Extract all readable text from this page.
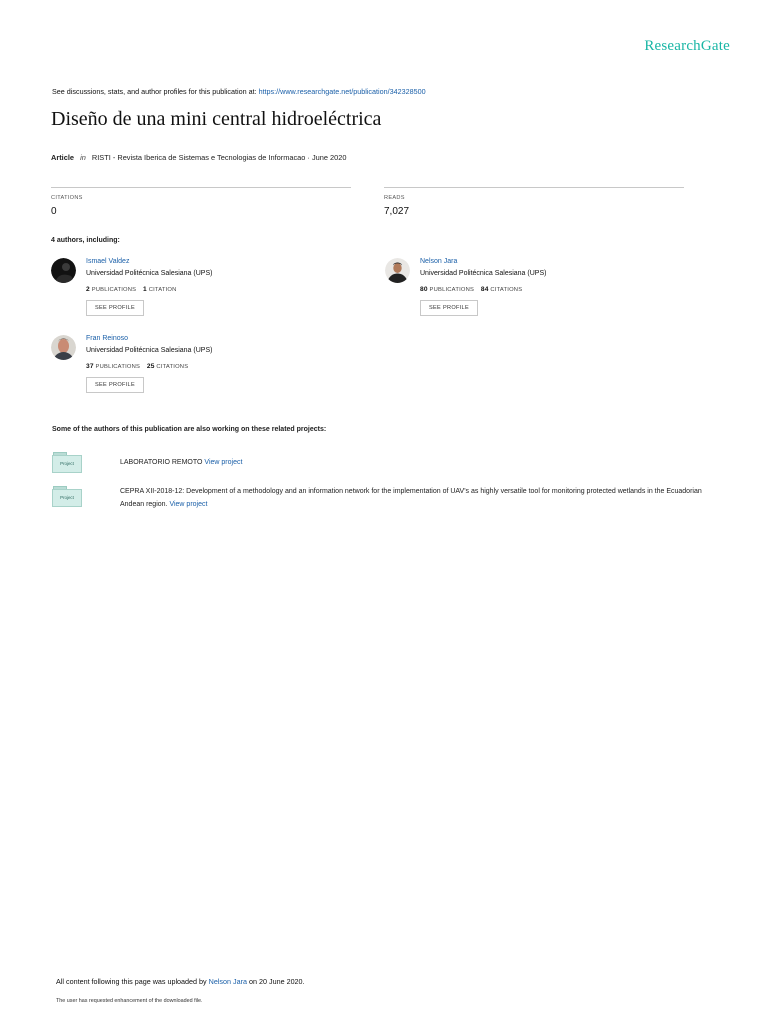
ResearchGate
See discussions, stats, and author profiles for this publication at: https://www.researchgate.net/publication/342328500
Diseño de una mini central hidroeléctrica
Article in RISTI - Revista Iberica de Sistemas e Tecnologias de Informacao · June 2020
CITATIONS
0
READS
7,027
4 authors, including:
Ismael Valdez
Universidad Politécnica Salesiana (UPS)
2 PUBLICATIONS 1 CITATION
SEE PROFILE
Nelson Jara
Universidad Politécnica Salesiana (UPS)
80 PUBLICATIONS 84 CITATIONS
SEE PROFILE
Fran Reinoso
Universidad Politécnica Salesiana (UPS)
37 PUBLICATIONS 25 CITATIONS
SEE PROFILE
Some of the authors of this publication are also working on these related projects:
Project	LABORATORIO REMOTO View project
Project
CEPRA XII-2018-12: Development of a methodology and an information network for the implementation of UAV's as highly versatile tool for monitoring protected wetlands in the Ecuadorian Andean region. View project
All content following this page was uploaded by Nelson Jara on 20 June 2020.
The user has requested enhancement of the downloaded file.
